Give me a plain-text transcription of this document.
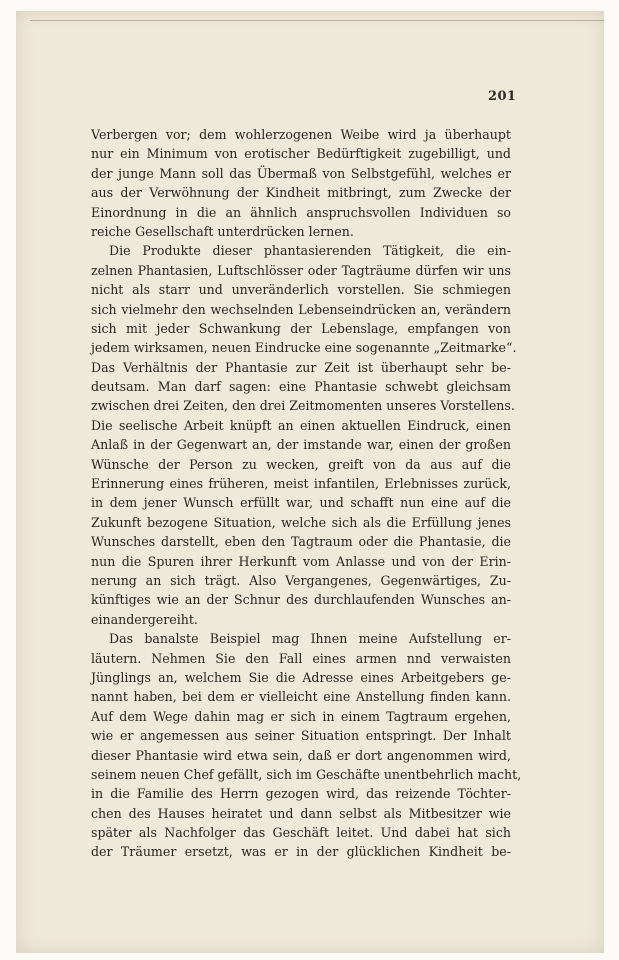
201
Verbergen vor; dem wohlerzogenen Weibe wird ja überhaupt
nur ein Minimum von erotischer Bedürftigkeit zugebilligt, und
der junge Mann soll das Übermaß von Selbstgefühl, welches er
aus der Verwöhnung der Kindheit mitbringt, zum Zwecke der
Einordnung in die an ähnlich anspruchsvollen Individuen so
reiche Gesellschaft unterdrücken lernen.
Die Produkte dieser phantasierenden Tätigkeit, die ein-
zelnen Phantasien, Luftschlösser oder Tagträume dürfen wir uns
nicht als starr und unveränderlich vorstellen. Sie schmiegen
sich vielmehr den wechselnden Lebenseindrücken an, verändern
sich mit jeder Schwankung der Lebenslage, empfangen von
jedem wirksamen, neuen Eindrucke eine sogenannte „Zeitmarke“.
Das Verhältnis der Phantasie zur Zeit ist überhaupt sehr be-
deutsam. Man darf sagen: eine Phantasie schwebt gleichsam
zwischen drei Zeiten, den drei Zeitmomenten unseres Vorstellens.
Die seelische Arbeit knüpft an einen aktuellen Eindruck, einen
Anlaß in der Gegenwart an, der imstande war, einen der großen
Wünsche der Person zu wecken, greift von da aus auf die
Erinnerung eines früheren, meist infantilen, Erlebnisses zurück,
in dem jener Wunsch erfüllt war, und schafft nun eine auf die
Zukunft bezogene Situation, welche sich als die Erfüllung jenes
Wunsches darstellt, eben den Tagtraum oder die Phantasie, die
nun die Spuren ihrer Herkunft vom Anlasse und von der Erin-
nerung an sich trägt. Also Vergangenes, Gegenwärtiges, Zu-
künftiges wie an der Schnur des durchlaufenden Wunsches an-
einandergereiht.
Das banalste Beispiel mag Ihnen meine Aufstellung er-
läutern. Nehmen Sie den Fall eines armen nnd verwaisten
Jünglings an, welchem Sie die Adresse eines Arbeitgebers ge-
nannt haben, bei dem er vielleicht eine Anstellung finden kann.
Auf dem Wege dahin mag er sich in einem Tagtraum ergehen,
wie er angemessen aus seiner Situation entspringt. Der Inhalt
dieser Phantasie wird etwa sein, daß er dort angenommen wird,
seinem neuen Chef gefällt, sich im Geschäfte unentbehrlich macht,
in die Familie des Herrn gezogen wird, das reizende Töchter-
chen des Hauses heiratet und dann selbst als Mitbesitzer wie
später als Nachfolger das Geschäft leitet. Und dabei hat sich
der Träumer ersetzt, was er in der glücklichen Kindheit be-
